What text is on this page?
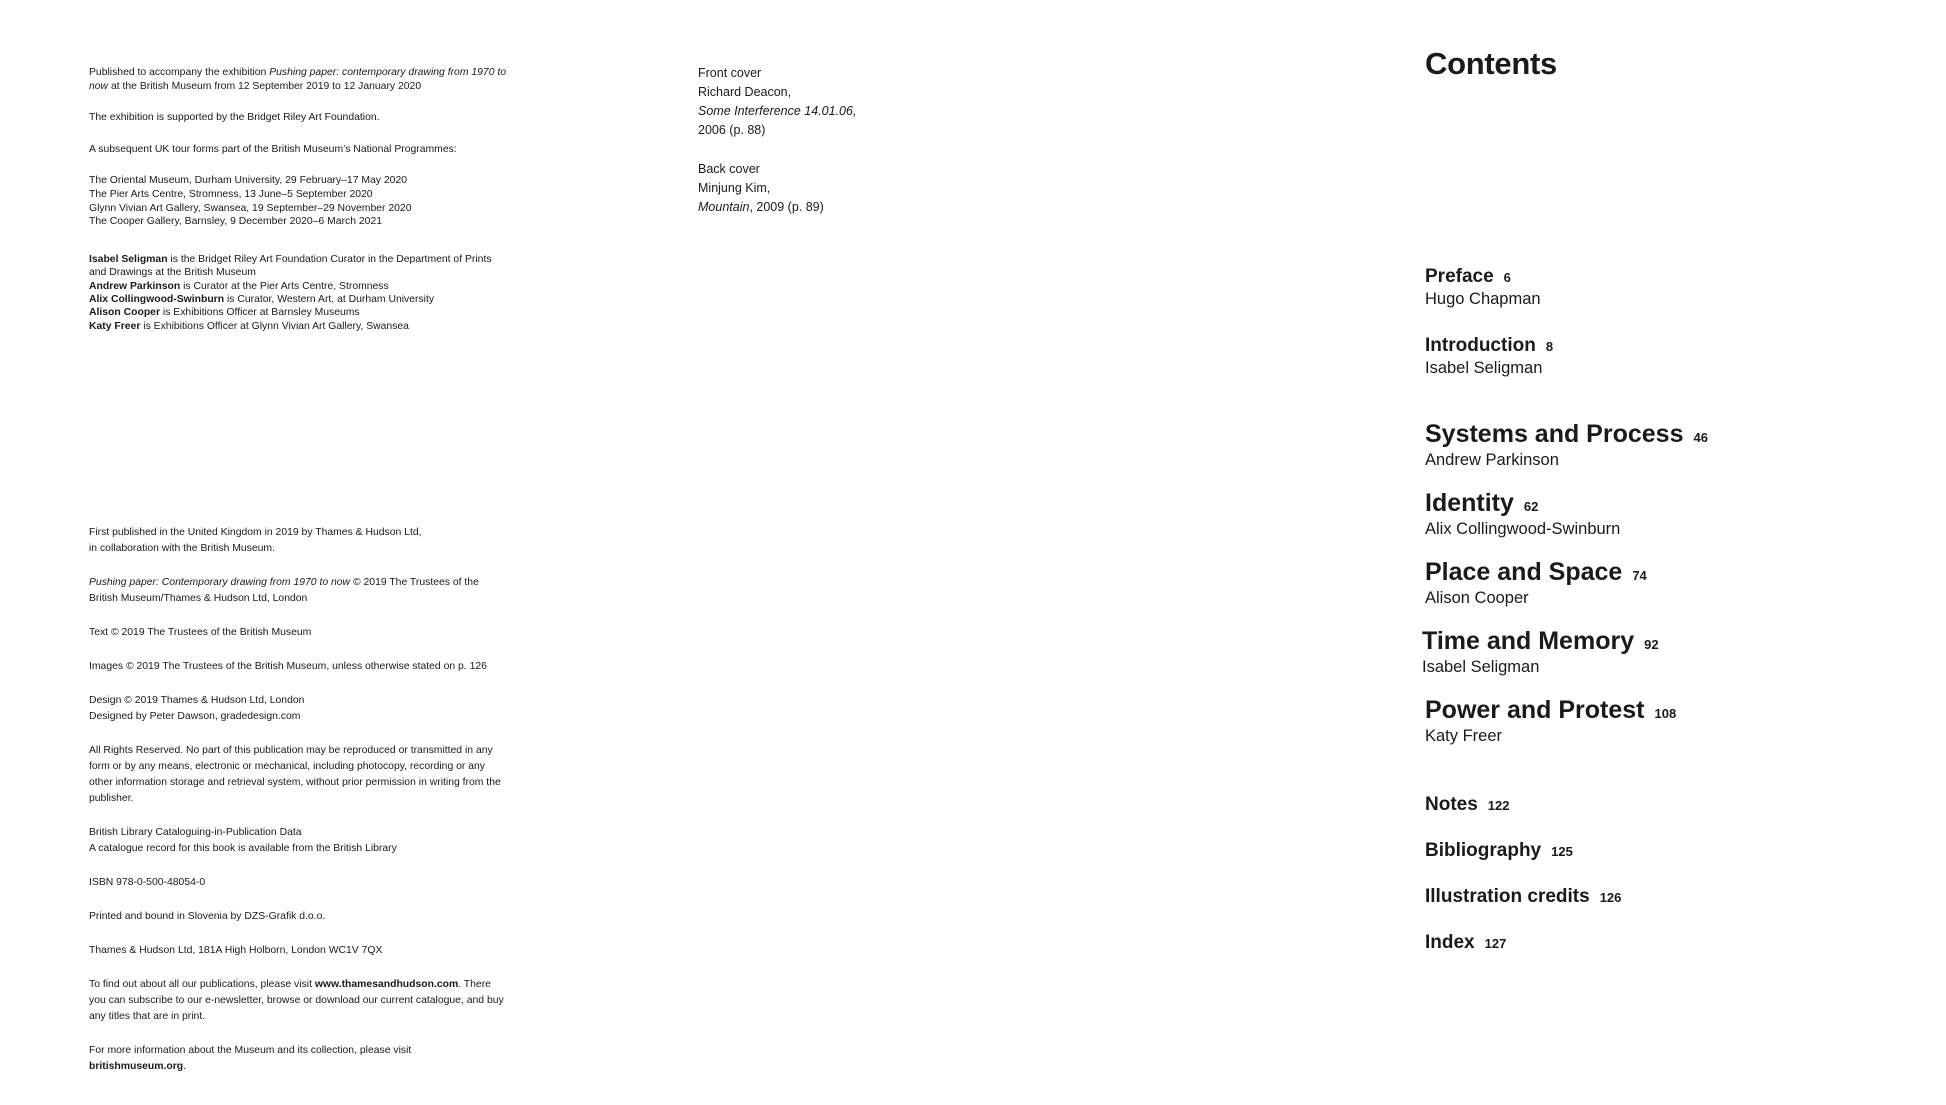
Published to accompany the exhibition Pushing paper: contemporary drawing from 1970 to now at the British Museum from 12 September 2019 to 12 January 2020

The exhibition is supported by the Bridget Riley Art Foundation.

A subsequent UK tour forms part of the British Museum’s National Programmes:

The Oriental Museum, Durham University, 29 February–17 May 2020

The Pier Arts Centre, Stromness, 13 June–5 September 2020

Glynn Vivian Art Gallery, Swansea, 19 September–29 November 2020

The Cooper Gallery, Barnsley, 9 December 2020–6 March 2021

Isabel Seligman is the Bridget Riley Art Foundation Curator in the Department of Prints and Drawings at the British Museum

Andrew Parkinson is Curator at the Pier Arts Centre, Stromness

Alix Collingwood-Swinburn is Curator, Western Art, at Durham University

Alison Cooper is Exhibitions Officer at Barnsley Museums

Katy Freer is Exhibitions Officer at Glynn Vivian Art Gallery, Swansea

First published in the United Kingdom in 2019 by Thames & Hudson Ltd,

in collaboration with the British Museum.

Pushing paper: Contemporary drawing from 1970 to now © 2019 The Trustees of the British Museum/Thames & Hudson Ltd, London

Text © 2019 The Trustees of the British Museum

Images © 2019 The Trustees of the British Museum, unless otherwise stated on p. 126

Design © 2019 Thames & Hudson Ltd, London

Designed by Peter Dawson, gradedesign.com

All Rights Reserved. No part of this publication may be reproduced or transmitted in any form or by any means, electronic or mechanical, including photocopy, recording or any other information storage and retrieval system, without prior permission in writing from the publisher.

British Library Cataloguing-in-Publication Data

A catalogue record for this book is available from the British Library

ISBN 978-0-500-48054-0

Printed and bound in Slovenia by DZS-Grafik d.o.o.

Thames & Hudson Ltd, 181A High Holborn, London WC1V 7QX

To find out about all our publications, please visit www.thamesandhudson.com. There you can subscribe to our e-newsletter, browse or download our current catalogue, and buy any titles that are in print.

For more information about the Museum and its collection, please visit britishmuseum.org.

Front cover

Richard Deacon,

Some Interference 14.01.06,

2006 (p. 88)

Back cover

Minjung Kim,

Mountain, 2009 (p. 89)

Contents
Preface 6
Hugo Chapman
Introduction 8
Isabel Seligman
Systems and Process 46
Andrew Parkinson
Identity 62
Alix Collingwood-Swinburn
Place and Space 74
Alison Cooper
Time and Memory 92
Isabel Seligman
Power and Protest 108
Katy Freer
Notes 122
Bibliography 125
Illustration credits 126
Index 127
